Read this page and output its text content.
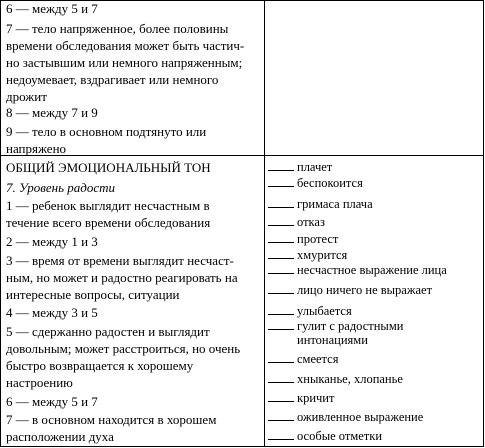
6 — между 5 и 7

7 — тело напряженное, более половины

времени обследования может быть частич-

но застывшим или немного напряженным;

недоумевает, вздрагивает или немного

дрожит

8 — между 7 и 9

9 — тело в основном подтянуто или

напряжено

ОБЩИЙ ЭМОЦИОНАЛЬНЫЙ ТОН

7. Уровень радости

1 — ребенок выглядит несчастным в

течение всего времени обследования

2 — между 1 и 3

3 — время от времени выглядит несчаст-

ным, но может и радостно реагировать на

интересные вопросы, ситуации

4 — между 3 и 5

5 — сдержанно радостен и выглядит

довольным; может расстроиться, но очень

быстро возвращается к хорошему

настроению

6 — между 5 и 7

7 — в основном находится в хорошем

расположении духа

плачет

беспокоится

гримаса плача

отказ

протест

хмурится

несчастное выражение лица

лицо ничего не выражает

улыбается

гулит с радостными

интонациями

смеется

хныканье, хлопанье

кричит

оживленное выражение

особые отметки
